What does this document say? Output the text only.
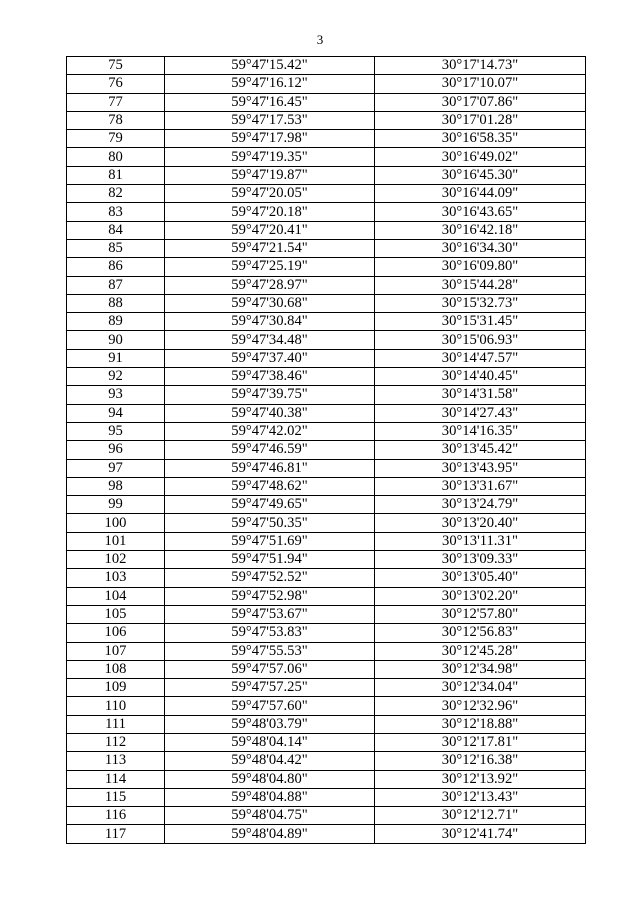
3
75	59°47'15.42"	30°17'14.73"
76	59°47'16.12"	30°17'10.07"
77	59°47'16.45"	30°17'07.86"
78	59°47'17.53"	30°17'01.28"
79	59°47'17.98"	30°16'58.35"
80	59°47'19.35"	30°16'49.02"
81	59°47'19.87"	30°16'45.30"
82	59°47'20.05"	30°16'44.09"
83	59°47'20.18"	30°16'43.65"
84	59°47'20.41"	30°16'42.18"
85	59°47'21.54"	30°16'34.30"
86	59°47'25.19"	30°16'09.80"
87	59°47'28.97"	30°15'44.28"
88	59°47'30.68"	30°15'32.73"
89	59°47'30.84"	30°15'31.45"
90	59°47'34.48"	30°15'06.93"
91	59°47'37.40"	30°14'47.57"
92	59°47'38.46"	30°14'40.45"
93	59°47'39.75"	30°14'31.58"
94	59°47'40.38"	30°14'27.43"
95	59°47'42.02"	30°14'16.35"
96	59°47'46.59"	30°13'45.42"
97	59°47'46.81"	30°13'43.95"
98	59°47'48.62"	30°13'31.67"
99	59°47'49.65"	30°13'24.79"
100	59°47'50.35"	30°13'20.40"
101	59°47'51.69"	30°13'11.31"
102	59°47'51.94"	30°13'09.33"
103	59°47'52.52"	30°13'05.40"
104	59°47'52.98"	30°13'02.20"
105	59°47'53.67"	30°12'57.80"
106	59°47'53.83"	30°12'56.83"
107	59°47'55.53"	30°12'45.28"
108	59°47'57.06"	30°12'34.98"
109	59°47'57.25"	30°12'34.04"
110	59°47'57.60"	30°12'32.96"
111	59°48'03.79"	30°12'18.88"
112	59°48'04.14"	30°12'17.81"
113	59°48'04.42"	30°12'16.38"
114	59°48'04.80"	30°12'13.92"
115	59°48'04.88"	30°12'13.43"
116	59°48'04.75"	30°12'12.71"
117	59°48'04.89"	30°12'41.74"
